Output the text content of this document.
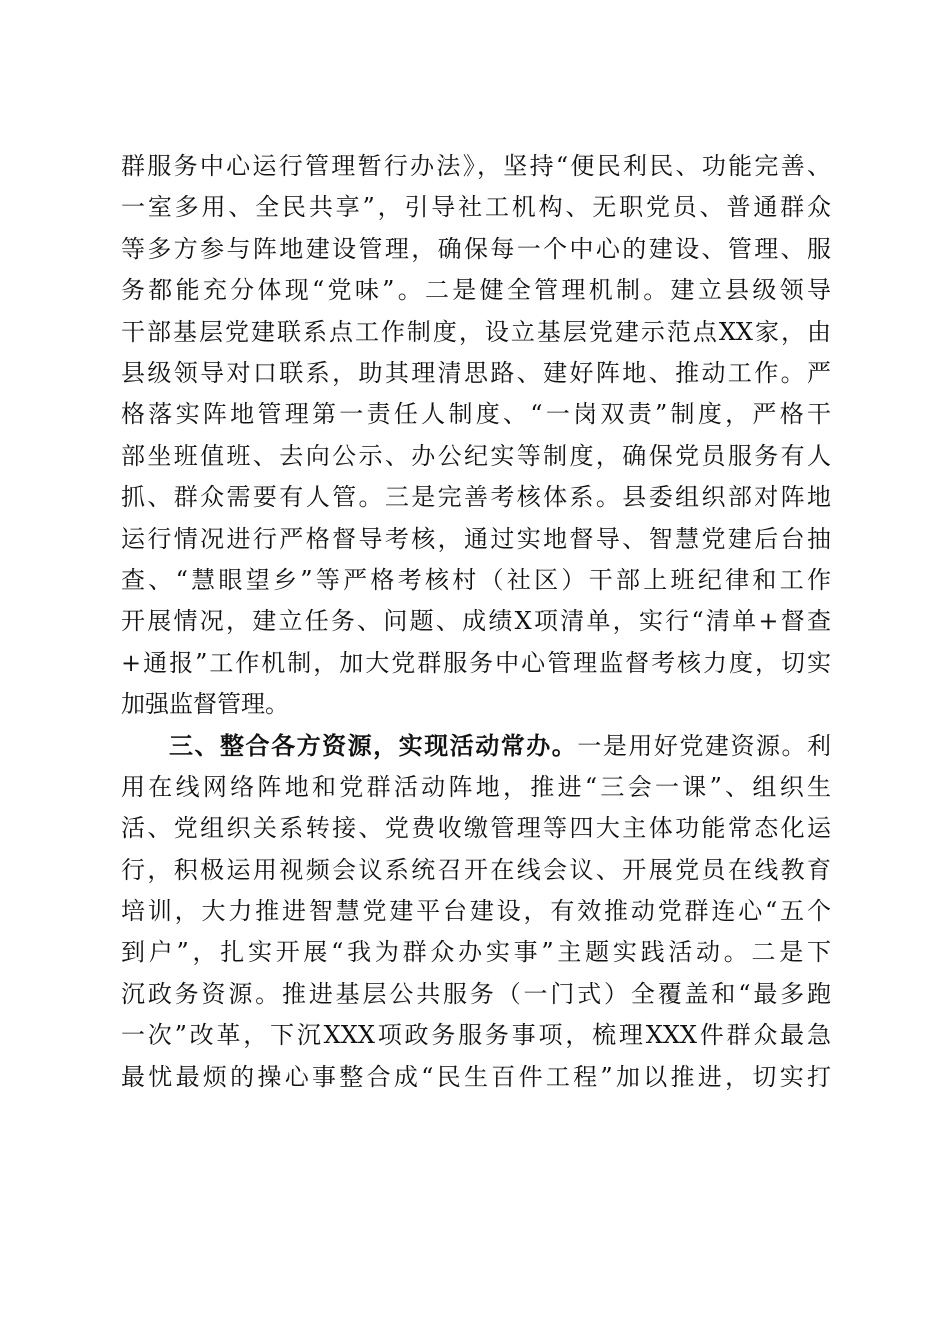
群服务中心运行管理暂行办法》，坚持“便民利民、功能完善、
一室多用、全民共享”，引导社工机构、无职党员、普通群众
等多方参与阵地建设管理，确保每一个中心的建设、管理、服
务都能充分体现“党味”。二是健全管理机制。建立县级领导
干部基层党建联系点工作制度，设立基层党建示范点XX家，由
县级领导对口联系，助其理清思路、建好阵地、推动工作。严
格落实阵地管理第一责任人制度、“一岗双责”制度，严格干
部坐班值班、去向公示、办公纪实等制度，确保党员服务有人
抓、群众需要有人管。三是完善考核体系。县委组织部对阵地
运行情况进行严格督导考核，通过实地督导、智慧党建后台抽
查、“慧眼望乡”等严格考核村（社区）干部上班纪律和工作
开展情况，建立任务、问题、成绩X项清单，实行“清单+督查
+通报”工作机制，加大党群服务中心管理监督考核力度，切实
加强监督管理。
三、整合各方资源，实现活动常办。一是用好党建资源。利
用在线网络阵地和党群活动阵地，推进“三会一课”、组织生
活、党组织关系转接、党费收缴管理等四大主体功能常态化运
行，积极运用视频会议系统召开在线会议、开展党员在线教育
培训，大力推进智慧党建平台建设，有效推动党群连心“五个
到户”，扎实开展“我为群众办实事”主题实践活动。二是下
沉政务资源。推进基层公共服务（一门式）全覆盖和“最多跑
一次”改革，下沉XXX项政务服务事项，梳理XXX件群众最急
最忧最烦的操心事整合成“民生百件工程”加以推进，切实打
